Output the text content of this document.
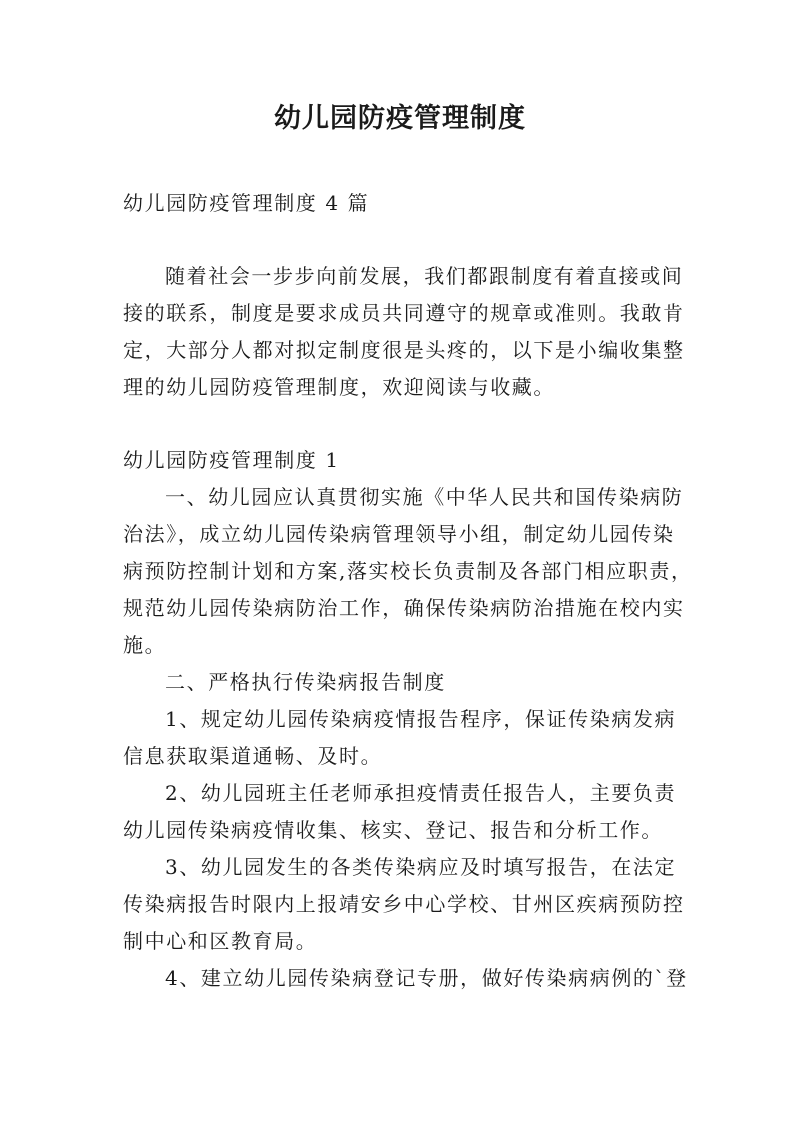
幼儿园防疫管理制度

幼儿园防疫管理制度 4 篇

随着社会一步步向前发展，我们都跟制度有着直接或间

接的联系，制度是要求成员共同遵守的规章或准则。我敢肯

定，大部分人都对拟定制度很是头疼的，以下是小编收集整

理的幼儿园防疫管理制度，欢迎阅读与收藏。

幼儿园防疫管理制度 1

一、幼儿园应认真贯彻实施《中华人民共和国传染病防

治法》，成立幼儿园传染病管理领导小组，制定幼儿园传染

病预防控制计划和方案,落实校长负责制及各部门相应职责，

规范幼儿园传染病防治工作，确保传染病防治措施在校内实

施。

二、严格执行传染病报告制度

1、规定幼儿园传染病疫情报告程序，保证传染病发病

信息获取渠道通畅、及时。

2、幼儿园班主任老师承担疫情责任报告人，主要负责

幼儿园传染病疫情收集、核实、登记、报告和分析工作。

3、幼儿园发生的各类传染病应及时填写报告，在法定

传染病报告时限内上报靖安乡中心学校、甘州区疾病预防控

制中心和区教育局。

4、建立幼儿园传染病登记专册，做好传染病病例的`登
